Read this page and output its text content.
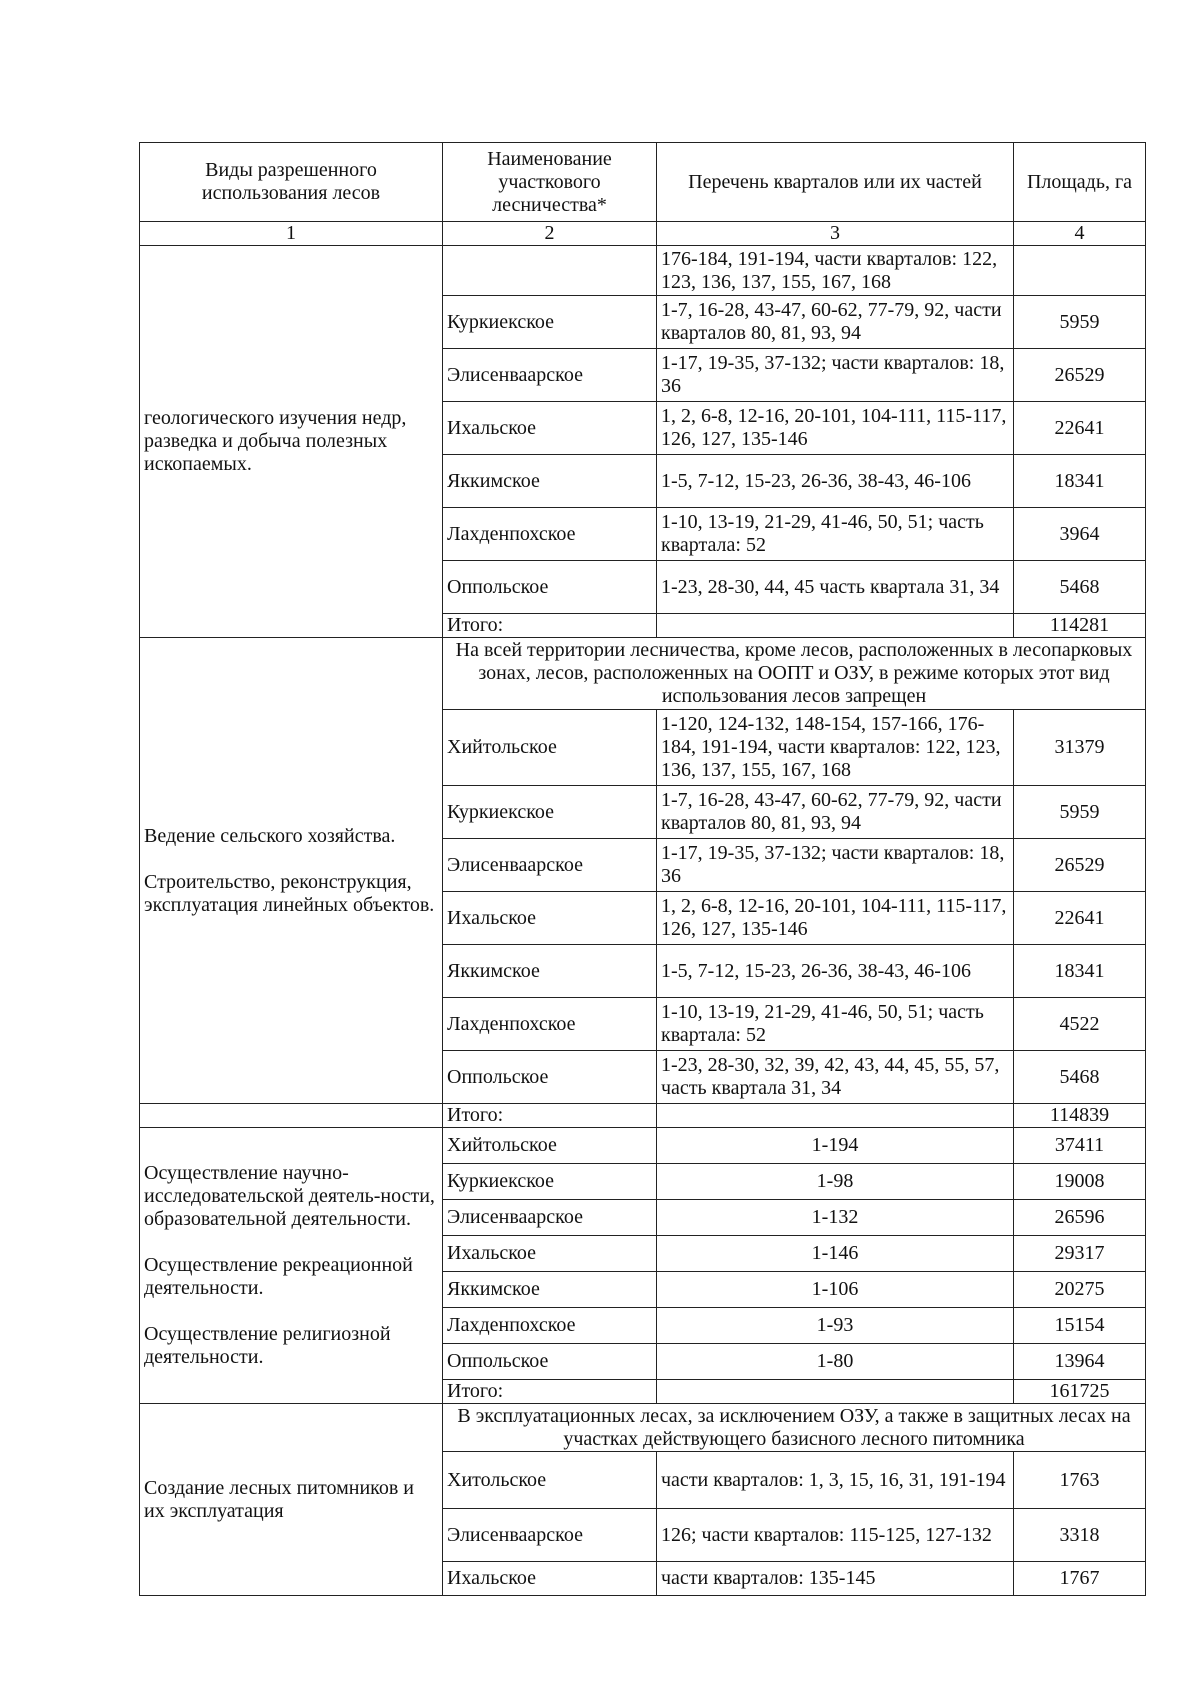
Виды разрешенного использования лесов	Наименование участкового лесничества*	Перечень кварталов или их частей	Площадь, га
1	2	3	4
геологического изучения недр, разведка и добыча полезных ископаемых.		176-184, 191-194, части кварталов: 122, 123, 136, 137, 155, 167, 168	
	Куркиекское	1-7, 16-28, 43-47, 60-62, 77-79, 92, части кварталов 80, 81, 93, 94	5959
	Элисенваарское	1-17, 19-35, 37-132; части кварталов: 18, 36	26529
	Ихальское	1, 2, 6-8, 12-16, 20-101, 104-111, 115-117, 126, 127, 135-146	22641
	Яккимское	1-5, 7-12, 15-23, 26-36, 38-43, 46-106	18341
	Лахденпохское	1-10, 13-19, 21-29, 41-46, 50, 51; часть квартала: 52	3964
	Оппольское	1-23, 28-30, 44, 45 часть квартала 31, 34	5468
	Итого:		114281

Ведение сельского хозяйства.
Строительство, реконструкция, эксплуатация линейных объектов.	На всей территории лесничества, кроме лесов, расположенных в лесопарковых зонах, лесов, расположенных на ООПТ и ОЗУ, в режиме которых этот вид использования лесов запрещен		
	Хийтольское	1-120, 124-132, 148-154, 157-166, 176-184, 191-194, части кварталов: 122, 123, 136, 137, 155, 167, 168	31379
	Куркиекское	1-7, 16-28, 43-47, 60-62, 77-79, 92, части кварталов 80, 81, 93, 94	5959
	Элисенваарское	1-17, 19-35, 37-132; части кварталов: 18, 36	26529
	Ихальское	1, 2, 6-8, 12-16, 20-101, 104-111, 115-117, 126, 127, 135-146	22641
	Яккимское	1-5, 7-12, 15-23, 26-36, 38-43, 46-106	18341
	Лахденпохское	1-10, 13-19, 21-29, 41-46, 50, 51; часть квартала: 52	4522
	Оппольское	1-23, 28-30, 32, 39, 42, 43, 44, 45, 55, 57, часть квартала 31, 34	5468
	Итого:		114839

Осуществление научно-исследовательской деятель-ности, образовательной деятельности.
Осуществление рекреационной деятельности.
Осуществление религиозной деятельности.	Хийтольское	1-194	37411
	Куркиекское	1-98	19008
	Элисенваарское	1-132	26596
	Ихальское	1-146	29317
	Яккимское	1-106	20275
	Лахденпохское	1-93	15154
	Оппольское	1-80	13964
	Итого:		161725
Создание лесных питомников и их эксплуатация	В эксплуатационных лесах, за исключением ОЗУ, а также в защитных лесах на участках действующего базисного лесного питомника		
	Хитольское	части кварталов: 1, 3, 15, 16, 31, 191-194	1763
	Элисенваарское	126; части кварталов: 115-125, 127-132	3318
	Ихальское	части кварталов: 135-145	1767
